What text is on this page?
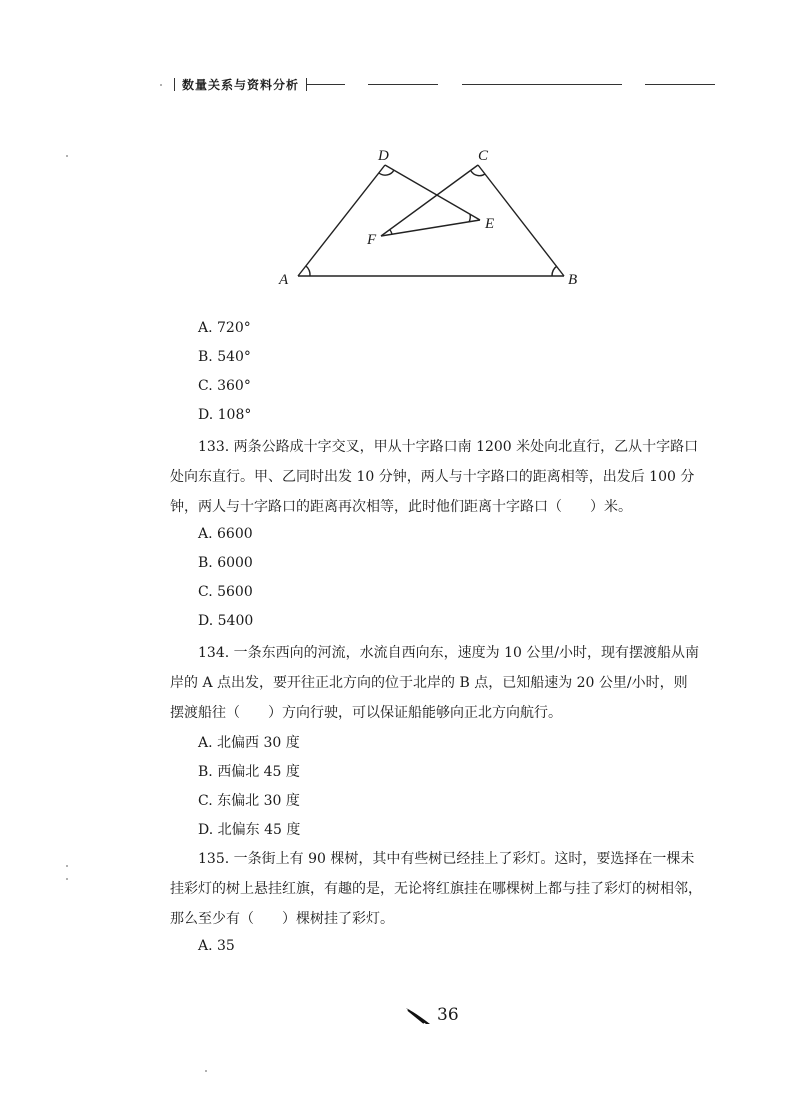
数量关系与资料分析
A	B
C
D
E
F
A. 720°
B. 540°
C. 360°
D. 108°
133. 两条公路成十字交叉，甲从十字路口南 1200 米处向北直行，乙从十字路口
处向东直行。甲、乙同时出发 10 分钟，两人与十字路口的距离相等，出发后 100 分
钟，两人与十字路口的距离再次相等，此时他们距离十字路口（　　）米。
A. 6600
B. 6000
C. 5600
D. 5400
134. 一条东西向的河流，水流自西向东，速度为 10 公里/小时，现有摆渡船从南
岸的 A 点出发，要开往正北方向的位于北岸的 B 点，已知船速为 20 公里/小时，则
摆渡船往（　　）方向行驶，可以保证船能够向正北方向航行。
A. 北偏西 30 度
B. 西偏北 45 度
C. 东偏北 30 度
D. 北偏东 45 度
135. 一条街上有 90 棵树，其中有些树已经挂上了彩灯。这时，要选择在一棵未
挂彩灯的树上悬挂红旗，有趣的是，无论将红旗挂在哪棵树上都与挂了彩灯的树相邻，
那么至少有（　　）棵树挂了彩灯。
A. 35
36
